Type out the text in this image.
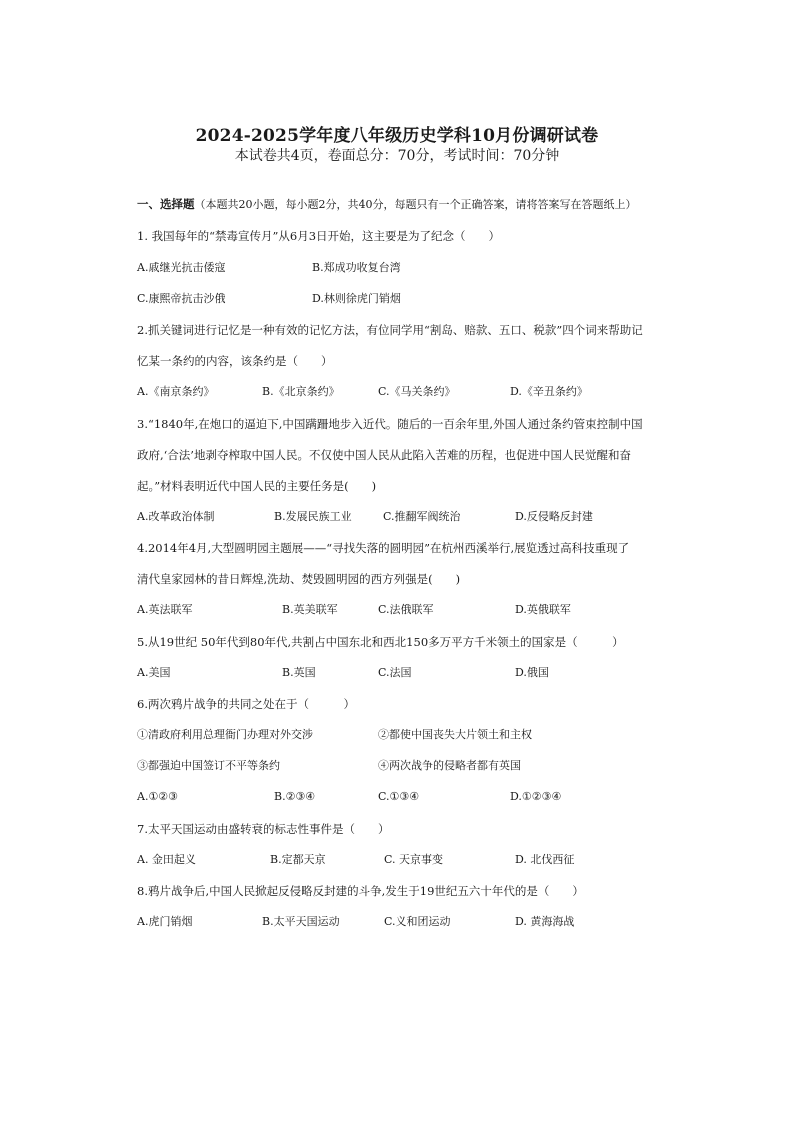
2024-2025学年度八年级历史学科10月份调研试卷
本试卷共4页，卷面总分：70分，考试时间：70分钟
一、选择题（本题共20小题，每小题2分，共40分，每题只有一个正确答案，请将答案写在答题纸上）
1. 我国每年的“禁毒宣传月”从6月3日开始，这主要是为了纪念（　　）
A.戚继光抗击倭寇	B.郑成功收复台湾
C.康熙帝抗击沙俄	D.林则徐虎门销烟
2.抓关键词进行记忆是一种有效的记忆方法，有位同学用“割岛、赔款、五口、税款”四个词来帮助记
忆某一条约的内容，该条约是（　　）
A.《南京条约》	B.《北京条约》	C.《马关条约》	D.《辛丑条约》
3.“1840年,在炮口的逼迫下,中国蹒跚地步入近代。随后的一百余年里,外国人通过条约管束控制中国
政府,‘合法’地剥夺榨取中国人民。不仅使中国人民从此陷入苦难的历程，也促进中国人民觉醒和奋
起。”材料表明近代中国人民的主要任务是(　　)
A.改革政治体制	B.发展民族工业	C.推翻军阀统治	D.反侵略反封建
4.2014年4月,大型圆明园主题展——“寻找失落的圆明园”在杭州西溪举行,展览透过高科技重现了
清代皇家园林的昔日辉煌,洗劫、焚毁圆明园的西方列强是(　　)
A.英法联军	B.英美联军	C.法俄联军	D.英俄联军
5.从19世纪 50年代到80年代,共割占中国东北和西北150多万平方千米领土的国家是（　　　）
A.美国	B.英国	C.法国	D.俄国
6.两次鸦片战争的共同之处在于（　　　）
①清政府利用总理衙门办理对外交涉	②都使中国丧失大片领土和主权
③都强迫中国签订不平等条约	④两次战争的侵略者都有英国
A.①②③	B.②③④	C.①③④	D.①②③④
7.太平天国运动由盛转衰的标志性事件是（　　）
A. 金田起义	B.定都天京	C. 天京事变	D. 北伐西征
8.鸦片战争后,中国人民掀起反侵略反封建的斗争,发生于19世纪五六十年代的是（　　）
A.虎门销烟	B.太平天国运动	C.义和团运动	D. 黄海海战
